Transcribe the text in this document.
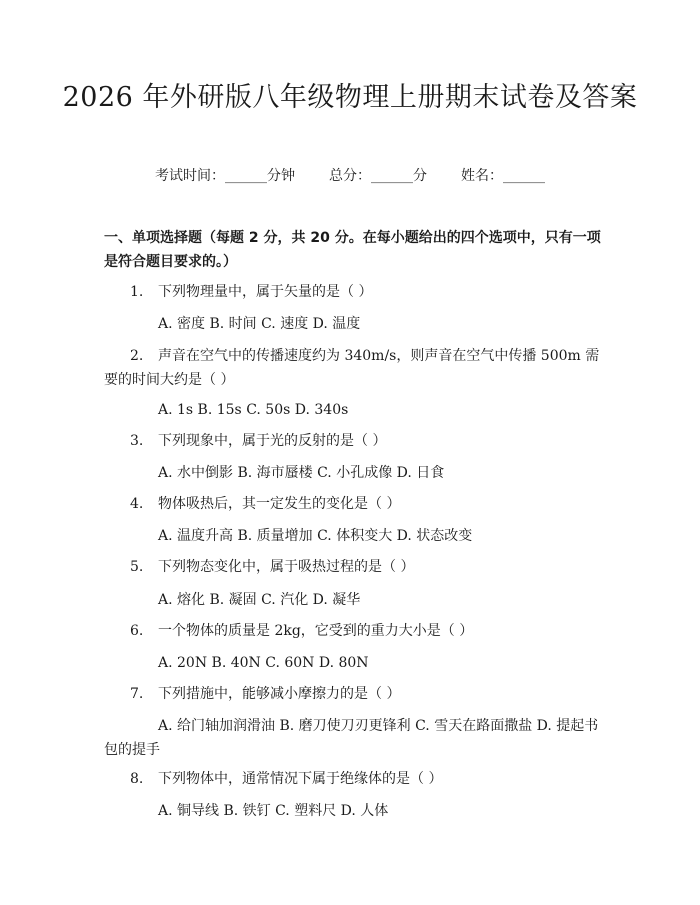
2026 年外研版八年级物理上册期末试卷及答案
考试时间：______分钟 总分：______分 姓名：______
一、单项选择题（每题 2 分，共 20 分。在每小题给出的四个选项中，只有一项是符合题目要求的。）
1. 下列物理量中，属于矢量的是（ ）
A. 密度 B. 时间 C. 速度 D. 温度
2. 声音在空气中的传播速度约为 340m/s，则声音在空气中传播 500m 需要的时间大约是（ ）
A. 1s B. 15s C. 50s D. 340s
3. 下列现象中，属于光的反射的是（ ）
A. 水中倒影 B. 海市蜃楼 C. 小孔成像 D. 日食
4. 物体吸热后，其一定发生的变化是（ ）
A. 温度升高 B. 质量增加 C. 体积变大 D. 状态改变
5. 下列物态变化中，属于吸热过程的是（ ）
A. 熔化 B. 凝固 C. 汽化 D. 凝华
6. 一个物体的质量是 2kg，它受到的重力大小是（ ）
A. 20N B. 40N C. 60N D. 80N
7. 下列措施中，能够减小摩擦力的是（ ）
A. 给门轴加润滑油 B. 磨刀使刀刃更锋利 C. 雪天在路面撒盐 D. 提起书包的提手
8. 下列物体中，通常情况下属于绝缘体的是（ ）
A. 铜导线 B. 铁钉 C. 塑料尺 D. 人体
